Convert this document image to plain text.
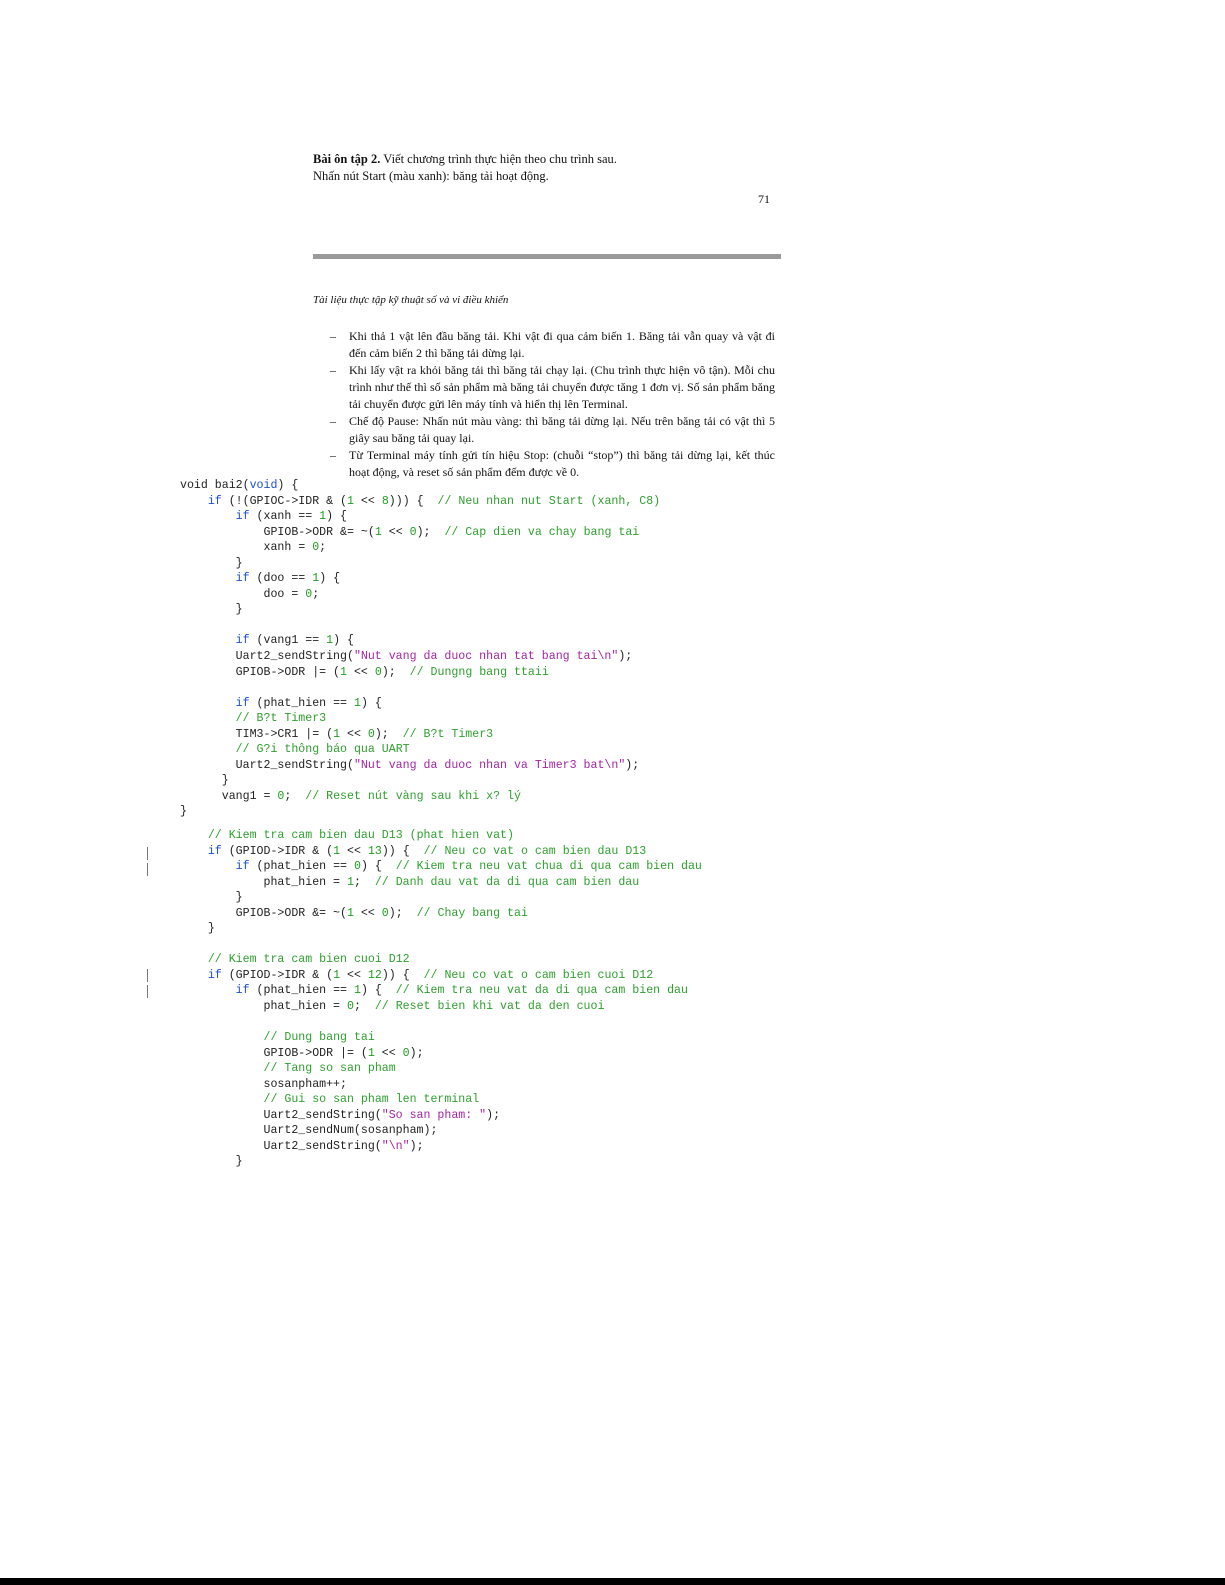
Bài ôn tập 2. Viết chương trình thực hiện theo chu trình sau.
Nhấn nút Start (màu xanh): băng tải hoạt động.
71
Tài liệu thực tập kỹ thuật số và vi điều khiển
– Khi thả 1 vật lên đầu băng tải. Khi vật đi qua cảm biến 1. Băng tải vẫn quay và vật đi đến cảm biến 2 thì băng tải dừng lại.
– Khi lấy vật ra khỏi băng tải thì băng tải chạy lại. (Chu trình thực hiện vô tận). Mỗi chu trình như thế thì số sản phẩm mà băng tải chuyển được tăng 1 đơn vị. Số sản phẩm băng tải chuyển được gửi lên máy tính và hiển thị lên Terminal.
– Chế độ Pause: Nhấn nút màu vàng: thì băng tải dừng lại. Nếu trên băng tải có vật thì 5 giây sau băng tải quay lại.
– Từ Terminal máy tính gửi tín hiệu Stop: (chuỗi “stop”) thì băng tải dừng lại, kết thúc hoạt động, và reset số sản phẩm đếm được về 0.
void bai2(void) {
if (!(GPIOC->IDR & (1 << 8))) {  // Neu nhan nut Start (xanh, C8)
if (xanh == 1) {
GPIOB->ODR &= ~(1 << 0);  // Cap dien va chay bang tai
xanh = 0;
}
if (doo == 1) {
doo = 0;
}

if (vang1 == 1) {
Uart2_sendString("Nut vang da duoc nhan tat bang tai\n");
GPIOB->ODR |= (1 << 0);  // Dungng bang ttaii

if (phat_hien == 1) {
// B?t Timer3
TIM3->CR1 |= (1 << 0);  // B?t Timer3
// G?i thông báo qua UART
Uart2_sendString("Nut vang da duoc nhan va Timer3 bat\n");
}
vang1 = 0;  // Reset nút vàng sau khi x? lý
}
// Kiem tra cam bien dau D13 (phat hien vat)
if (GPIOD->IDR & (1 << 13)) {  // Neu co vat o cam bien dau D13
if (phat_hien == 0) {  // Kiem tra neu vat chua di qua cam bien dau
phat_hien = 1;  // Danh dau vat da di qua cam bien dau
}
GPIOB->ODR &= ~(1 << 0);  // Chay bang tai
}

// Kiem tra cam bien cuoi D12
if (GPIOD->IDR & (1 << 12)) {  // Neu co vat o cam bien cuoi D12
if (phat_hien == 1) {  // Kiem tra neu vat da di qua cam bien dau
phat_hien = 0;  // Reset bien khi vat da den cuoi

// Dung bang tai
GPIOB->ODR |= (1 << 0);
// Tang so san pham
sosanpham++;
// Gui so san pham len terminal
Uart2_sendString("So san pham: ");
Uart2_sendNum(sosanpham);
Uart2_sendString("\n");
}
